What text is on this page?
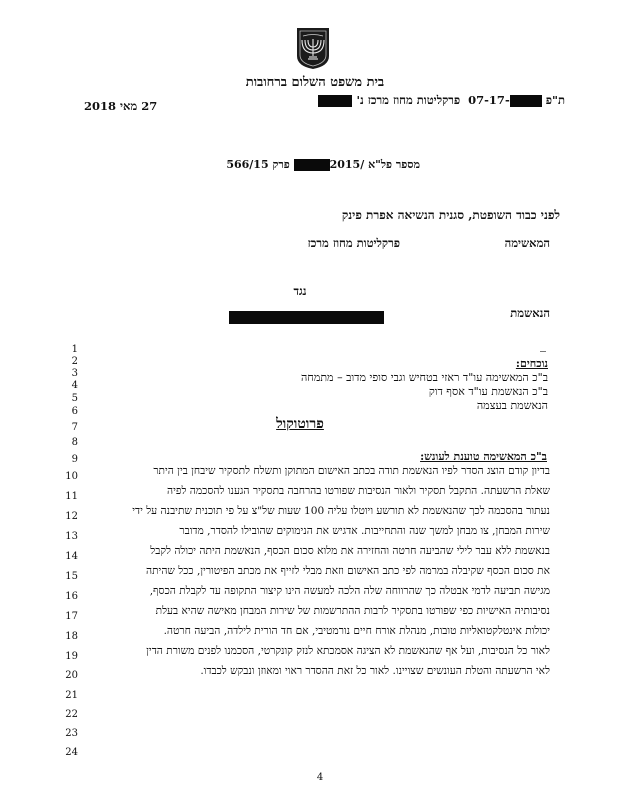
בית משפט השלום ברחובות
27 מאי 2018	ת"פ -07-17  פרקליטות מחוז מרכז נ'
מספר פל"א /2015 פרק 566/15
לפני כבוד השופטת, סגנית הנשיאה אפרת פינק
המאשימה
פרקליטות מחוז מרכז
נגד
הנאשמת
1
2
3
4
5
6
7
8
9
10
11
12
13
14
15
16
17
18
19
20
21
22
23
24
נוכחים:
ב"כ המאשימה עו"ד ראזי בטחיש וגבי סופי מדוב – מתמחה
ב"כ הנאשמת עו"ד אסף דוק
הנאשמת בעצמה
פרוטוקול
ב"כ המאשימה טוענת לעונש:
בדיון קודם הוצג הסדר לפיו הנאשמת תודה בכתב האישום המתוקן ותשלח לתסקיר שיבחן בין היתר
שאלת הרשעתה. התקבל תסקיר ולאור הנסיבות שפורטו בהרחבה בתסקיר הגענו להסכמה לפיה
נעתור בהסכמה לכך שהנאשמת לא תורשע ויוטלו עליה 100 שעות של"צ על פי תוכנית שתיבנה על ידי
שירות המבחן, צו מבחן למשך שנה והתחייבות. אדגיש את הנימוקים שהובילו להסדר, מדובר
בנאשמת ללא עבר לילי שהביעה חרטה והחזירה את מלוא סכום הכסף, הנאשמת היתה יכולה לקבל
את סכום הכסף שקיבלה במרמה לפי כתב האישום וזאת מבלי לזייף את מכתב הפיטורין, ככל שהיתה
מגישה תביעה לדמי אבטלה כך שהרווחה שלה הלכה למעשה הינו קיצור התקופה עד לקבלת הכסף,
נסיבותיה האישיות כפי שפורטו בתסקיר לרבות ההתרשמות של שירות המבחן מאישה שהיא בעלת
יכולות אינטלקטואליות טובות, מנהלת אורח חיים נורמטיבי, אם חד הורית לילדה, הביעה חרטה.
לאור כל הנסיבות, ועל אף שהנאשמת לא הציגה אסמכתא לנזק קונקרטי, הסכמנו לפנים משורת הדין
לאי הרשעתה והטלת העונשים שצויינו. לאור כל זאת ההסדר ראוי ומאוזן ונבקש לכבדו.
4
